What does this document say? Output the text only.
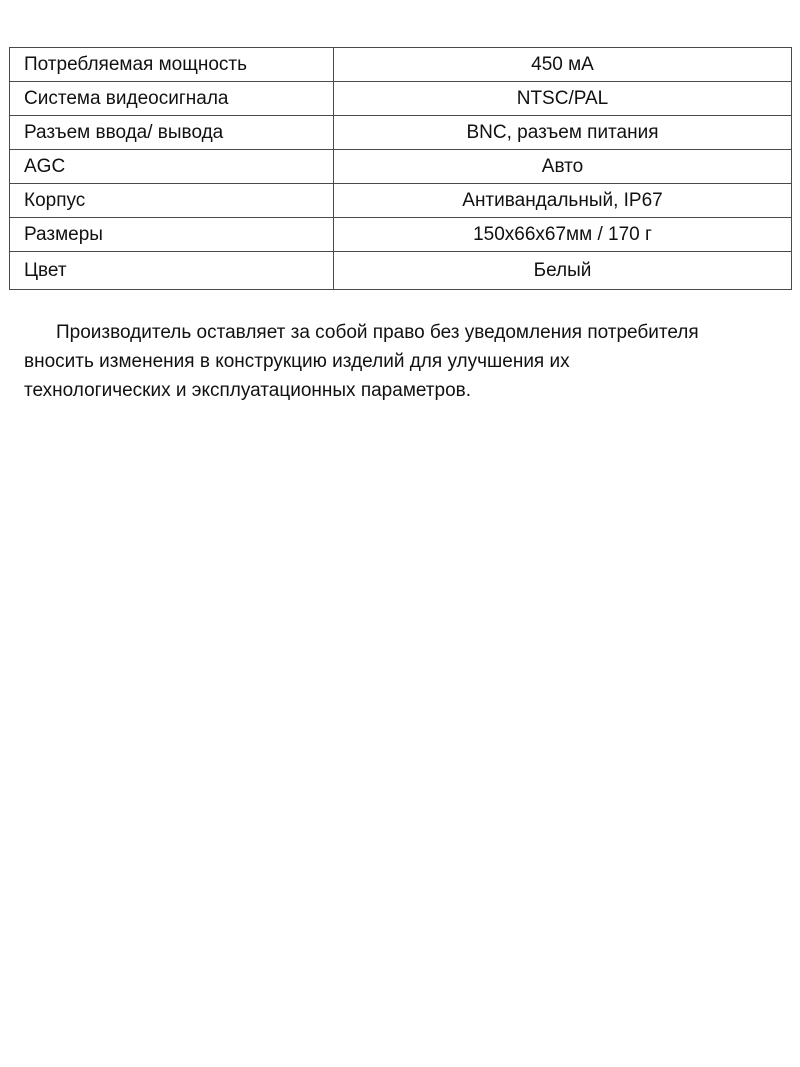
Потребляемая мощность	450 мА
Система видеосигнала	NTSC/PAL
Разъем ввода/ вывода	BNC, разъем питания
AGC	Авто
Корпус	Антивандальный, IP67
Размеры	150x66x67мм / 170 г
Цвет	Белый

Производитель оставляет за собой право без уведомления потребителя
вносить изменения в конструкцию изделий для улучшения их
технологических и эксплуатационных параметров.
